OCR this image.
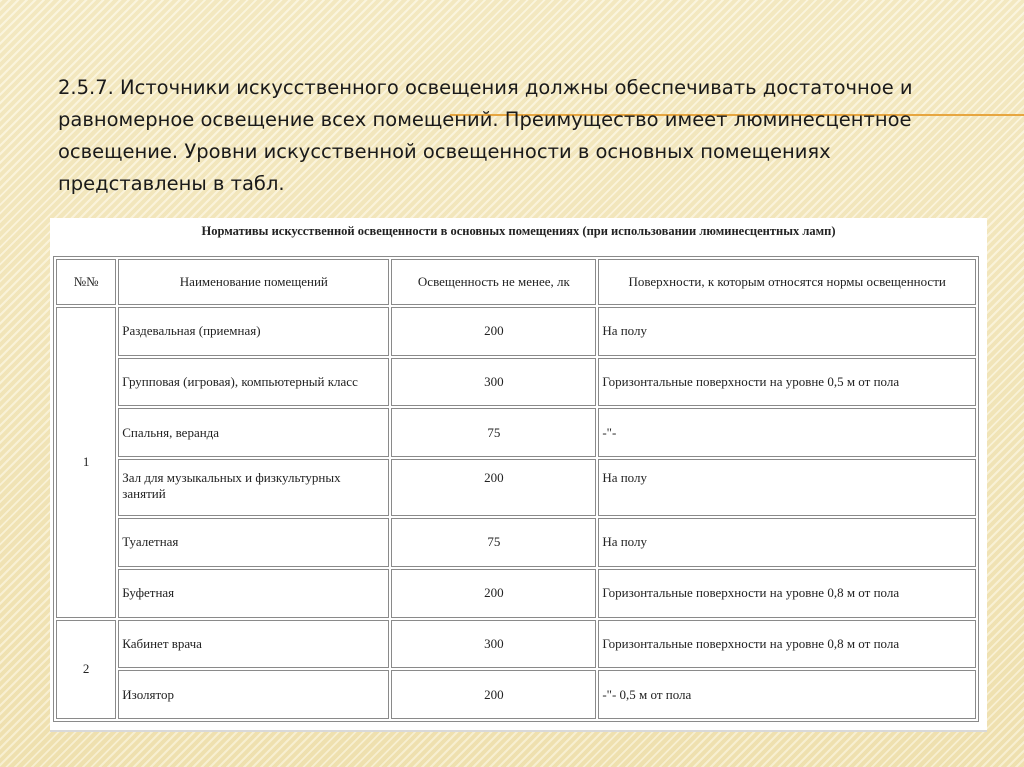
2.5.7. Источники искусственного освещения должны обеспечивать достаточное и равномерное освещение всех помещений. Преимущество имеет люминесцентное освещение. Уровни искусственной освещенности в основных помещениях представлены в табл.

Нормативы искусственной освещенности в основных помещениях (при использовании люминесцентных ламп)
№№	Наименование помещений	Освещенность не менее, лк	Поверхности, к которым относятся нормы освещенности
1	Раздевальная (приемная)	200	На полу
	Групповая (игровая), компьютерный класс	300	Горизонтальные поверхности на уровне 0,5 м от пола
	Спальня, веранда	75	-"-

	Зал для музыкальных и физкультурных занятий	200	На полу
	Туалетная	75	На полу
	Буфетная	200	Горизонтальные поверхности на уровне 0,8 м от пола
2	Кабинет врача	300	Горизонтальные поверхности на уровне 0,8 м от пола
	Изолятор	200	-"- 0,5 м от пола
